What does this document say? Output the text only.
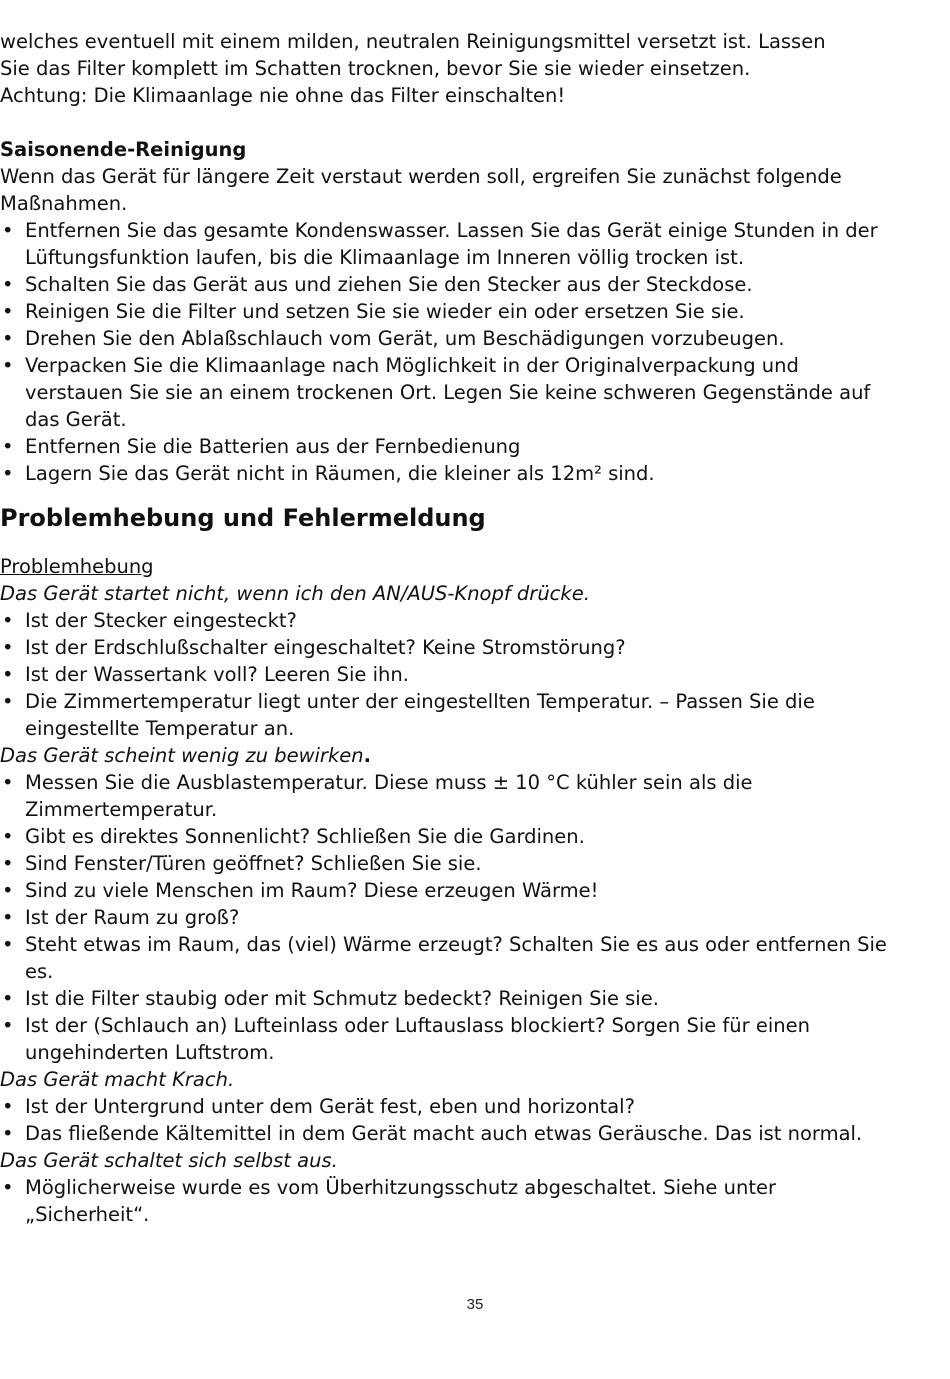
welches eventuell mit einem milden, neutralen Reinigungsmittel versetzt ist. Lassen

Sie das Filter komplett im Schatten trocknen, bevor Sie sie wieder einsetzen.

Achtung: Die Klimaanlage nie ohne das Filter einschalten!

Saisonende-Reinigung

Wenn das Gerät für längere Zeit verstaut werden soll, ergreifen Sie zunächst folgende Maßnahmen.

• Entfernen Sie das gesamte Kondenswasser. Lassen Sie das Gerät einige Stunden in der Lüftungsfunktion laufen, bis die Klimaanlage im Inneren völlig trocken ist.
• Schalten Sie das Gerät aus und ziehen Sie den Stecker aus der Steckdose.
• Reinigen Sie die Filter und setzen Sie sie wieder ein oder ersetzen Sie sie.
• Drehen Sie den Ablaßschlauch vom Gerät, um Beschädigungen vorzubeugen.
• Verpacken Sie die Klimaanlage nach Möglichkeit in der Originalverpackung und verstauen Sie sie an einem trockenen Ort. Legen Sie keine schweren Gegenstände auf das Gerät.
• Entfernen Sie die Batterien aus der Fernbedienung
• Lagern Sie das Gerät nicht in Räumen, die kleiner als 12m² sind.
Problemhebung und Fehlermeldung

Problemhebung

Das Gerät startet nicht, wenn ich den AN/AUS-Knopf drücke.

• Ist der Stecker eingesteckt?
• Ist der Erdschlußschalter eingeschaltet? Keine Stromstörung?
• Ist der Wassertank voll? Leeren Sie ihn.
• Die Zimmertemperatur liegt unter der eingestellten Temperatur. – Passen Sie die eingestellte Temperatur an.

Das Gerät scheint wenig zu bewirken.

• Messen Sie die Ausblastemperatur. Diese muss ± 10 °C kühler sein als die Zimmertemperatur.
• Gibt es direktes Sonnenlicht? Schließen Sie die Gardinen.
• Sind Fenster/Türen geöffnet? Schließen Sie sie.
• Sind zu viele Menschen im Raum? Diese erzeugen Wärme!
• Ist der Raum zu groß?
• Steht etwas im Raum, das (viel) Wärme erzeugt? Schalten Sie es aus oder entfernen Sie es.
• Ist die Filter staubig oder mit Schmutz bedeckt? Reinigen Sie sie.
• Ist der (Schlauch an) Lufteinlass oder Luftauslass blockiert? Sorgen Sie für einen ungehinderten Luftstrom.

Das Gerät macht Krach.

• Ist der Untergrund unter dem Gerät fest, eben und horizontal?
• Das fließende Kältemittel in dem Gerät macht auch etwas Geräusche. Das ist normal.

Das Gerät schaltet sich selbst aus.

• Möglicherweise wurde es vom Überhitzungsschutz abgeschaltet. Siehe unter „Sicherheit“.
35
